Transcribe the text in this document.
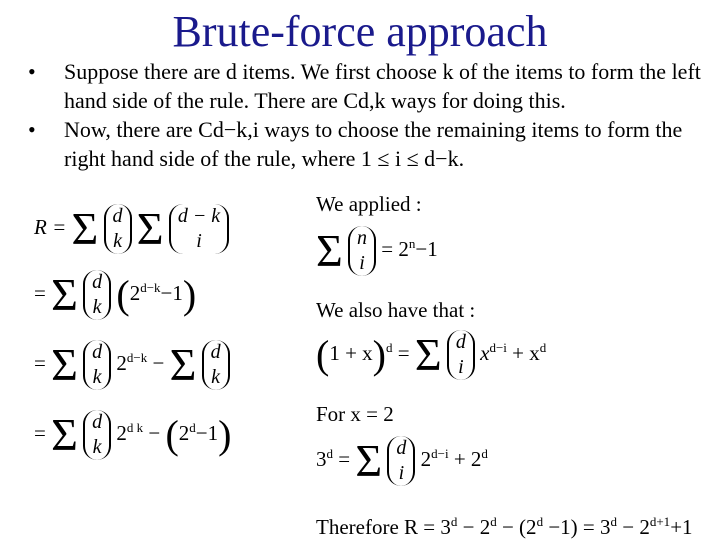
Brute-force approach

• Suppose there are d items. We first choose k of the items to form the left hand side of the rule. There are Cd,k ways for doing this.

• Now, there are Cd−k,i ways to choose the remaining items to form the right hand side of the rule, where 1 ≤ i ≤ d−k.

R = Σ d
k Σ d − k
i
= Σ d
k $(2^{d-k}-1)$
= Σ d
k $2^{d-k} - \Sigma$ d
k
= Σ d
k $2^{d k} - (2^d-1)$
We applied :
Σ n
$i = 2^n-1$
We also have that :
$(1 + x)^d = \Sigma$ d
i $x^{d-i} + x^d$
For x = 2
$3^d = \Sigma$ d
i $2^{d-i} + 2^d$
Therefore $R = 3^d - 2^d - (2^d -1) = 3^d - 2^{d+1}+1$
